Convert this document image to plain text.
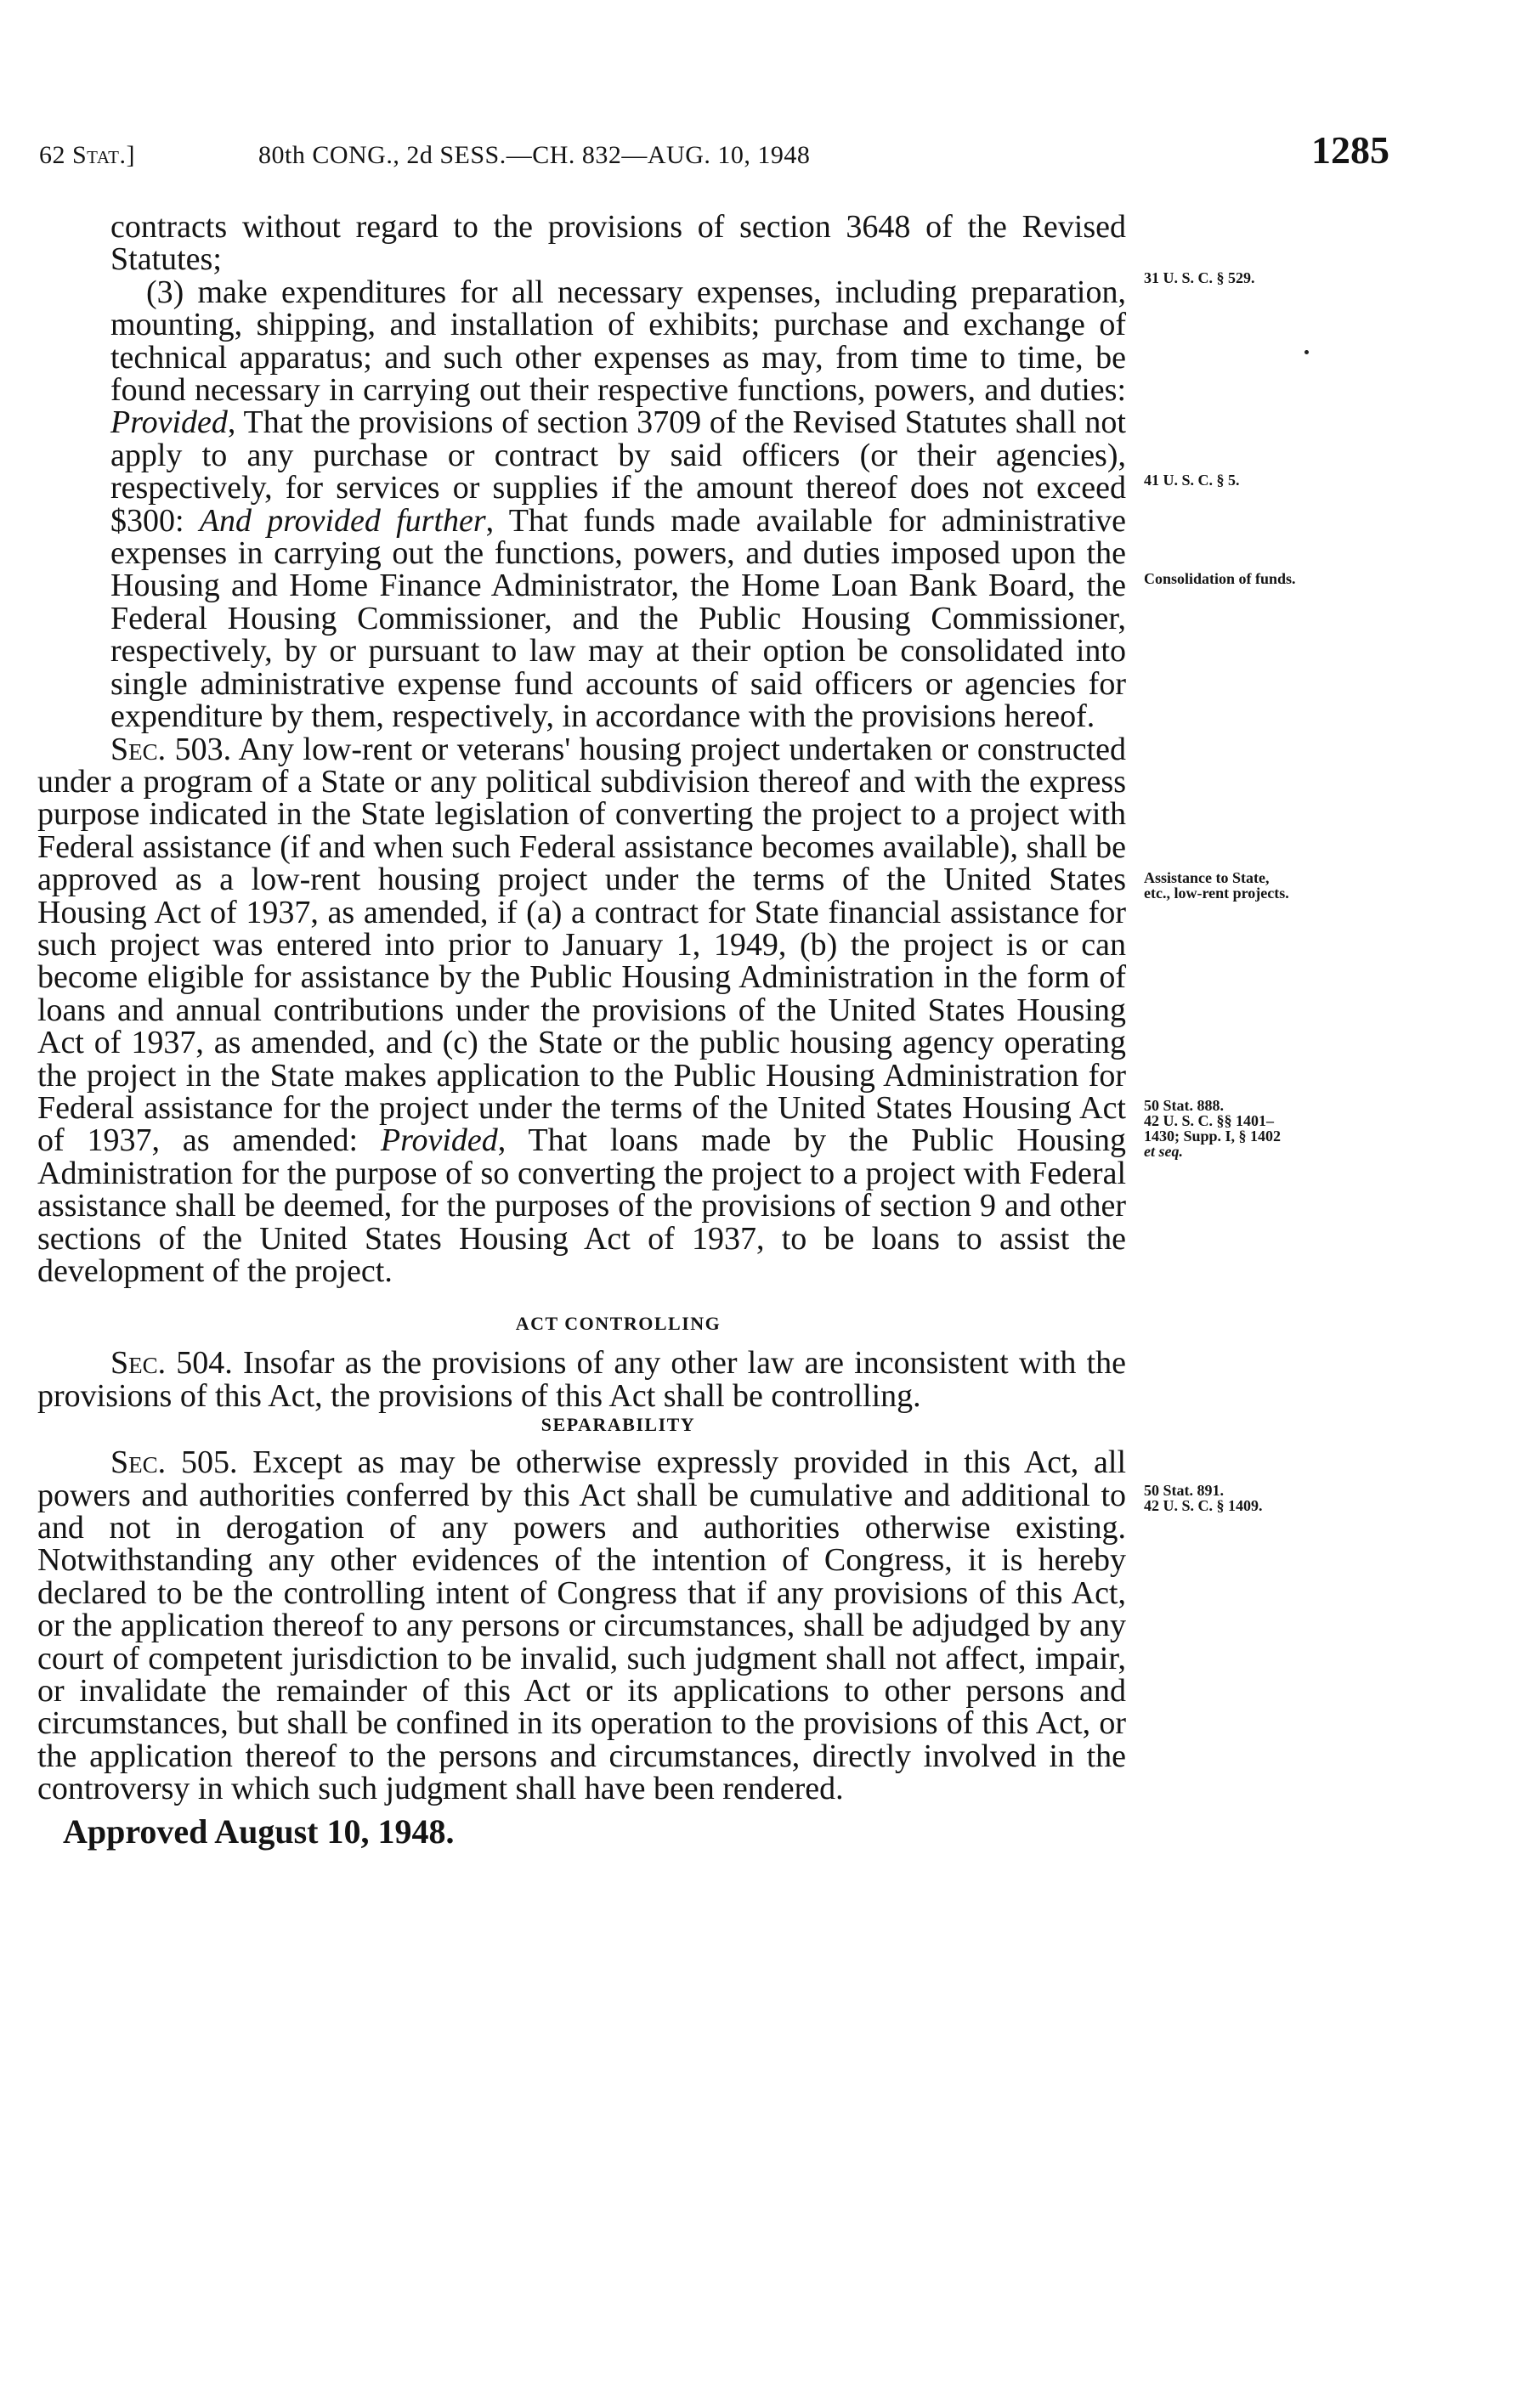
62 Stat.]	80th CONG., 2d SESS.—CH. 832—AUG. 10, 1948	1285

contracts without regard to the provisions of section 3648 of the Revised Statutes;

(3) make expenditures for all necessary expenses, including preparation, mounting, shipping, and installation of exhibits; purchase and exchange of technical apparatus; and such other expenses as may, from time to time, be found necessary in carrying out their respective functions, powers, and duties: Provided, That the provisions of section 3709 of the Revised Statutes shall not apply to any purchase or contract by said officers (or their agencies), respectively, for services or supplies if the amount thereof does not exceed $300: And provided further, That funds made available for administrative expenses in carrying out the functions, powers, and duties imposed upon the Housing and Home Finance Administrator, the Home Loan Bank Board, the Federal Housing Commissioner, and the Public Housing Commissioner, respectively, by or pursuant to law may at their option be consolidated into single administrative expense fund accounts of said officers or agencies for expenditure by them, respectively, in accordance with the provisions hereof.

Sec. 503. Any low-rent or veterans' housing project undertaken or constructed under a program of a State or any political subdivision thereof and with the express purpose indicated in the State legislation of converting the project to a project with Federal assistance (if and when such Federal assistance becomes available), shall be approved as a low-rent housing project under the terms of the United States Housing Act of 1937, as amended, if (a) a contract for State financial assistance for such project was entered into prior to January 1, 1949, (b) the project is or can become eligible for assistance by the Public Housing Administration in the form of loans and annual contributions under the provisions of the United States Housing Act of 1937, as amended, and (c) the State or the public housing agency operating the project in the State makes application to the Public Housing Administration for Federal assistance for the project under the terms of the United States Housing Act of 1937, as amended: Provided, That loans made by the Public Housing Administration for the purpose of so converting the project to a project with Federal assistance shall be deemed, for the purposes of the provisions of section 9 and other sections of the United States Housing Act of 1937, to be loans to assist the development of the project.

ACT CONTROLLING

Sec. 504. Insofar as the provisions of any other law are inconsistent with the provisions of this Act, the provisions of this Act shall be controlling.

SEPARABILITY

Sec. 505. Except as may be otherwise expressly provided in this Act, all powers and authorities conferred by this Act shall be cumulative and additional to and not in derogation of any powers and authorities otherwise existing. Notwithstanding any other evidences of the intention of Congress, it is hereby declared to be the controlling intent of Congress that if any provisions of this Act, or the application thereof to any persons or circumstances, shall be adjudged by any court of competent jurisdiction to be invalid, such judgment shall not affect, impair, or invalidate the remainder of this Act or its applications to other persons and circumstances, but shall be confined in its operation to the provisions of this Act, or the application thereof to the persons and circumstances, directly involved in the controversy in which such judgment shall have been rendered.

Approved August 10, 1948.

31 U. S. C. § 529.
41 U. S. C. § 5.
Consolidation of funds.
Assistance to State,
etc., low-rent projects.
50 Stat. 888.
42 U. S. C. §§ 1401–
1430; Supp. I, § 1402
et seq.
50 Stat. 891.
42 U. S. C. § 1409.
